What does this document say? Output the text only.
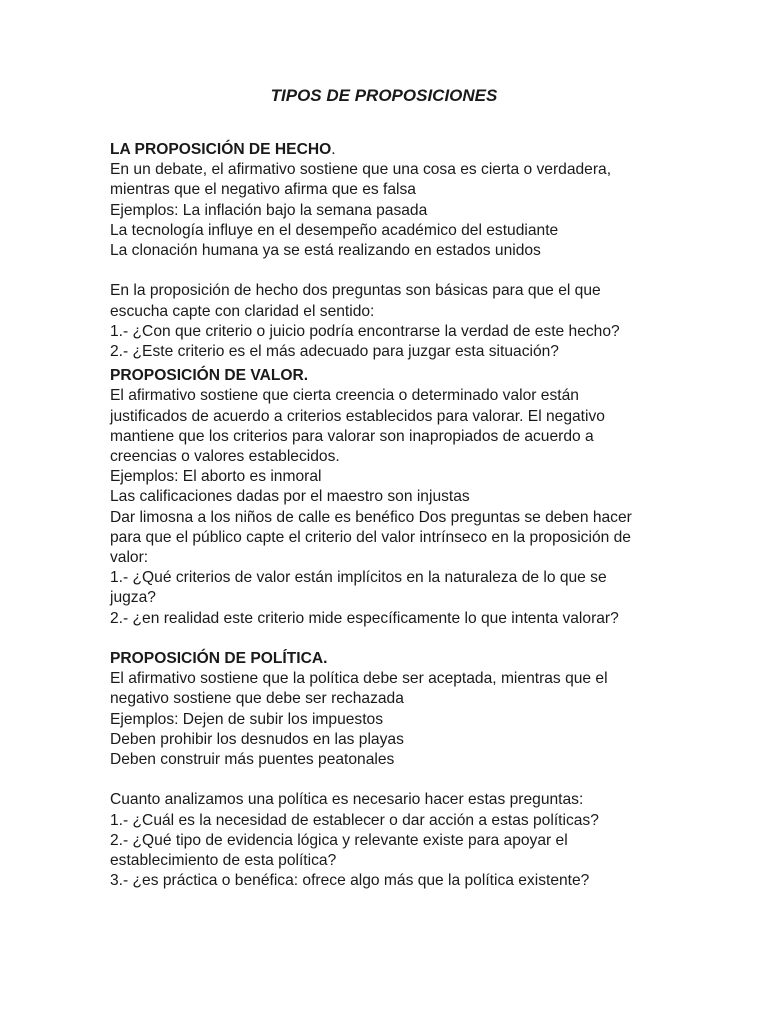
TIPOS DE PROPOSICIONES

LA PROPOSICIÓN DE HECHO.

En un debate, el afirmativo sostiene que una cosa es cierta o verdadera,

mientras que el negativo afirma que es falsa

Ejemplos: La inflación bajo la semana pasada

La tecnología influye en el desempeño académico del estudiante

La clonación humana ya se está realizando en estados unidos

En la proposición de hecho dos preguntas son básicas para que el que

escucha capte con claridad el sentido:

1.- ¿Con que criterio o juicio podría encontrarse la verdad de este hecho?

2.- ¿Este criterio es el más adecuado para juzgar esta situación?

PROPOSICIÓN DE VALOR.

El afirmativo sostiene que cierta creencia o determinado valor están

justificados de acuerdo a criterios establecidos para valorar. El negativo

mantiene que los criterios para valorar son inapropiados de acuerdo a

creencias o valores establecidos.

Ejemplos: El aborto es inmoral

Las calificaciones dadas por el maestro son injustas

Dar limosna a los niños de calle es benéfico Dos preguntas se deben hacer

para que el público capte el criterio del valor intrínseco en la proposición de

valor:

1.- ¿Qué criterios de valor están implícitos en la naturaleza de lo que se

jugza?

2.- ¿en realidad este criterio mide específicamente lo que intenta valorar?

PROPOSICIÓN DE POLÍTICA.

El afirmativo sostiene que la política debe ser aceptada, mientras que el

negativo sostiene que debe ser rechazada

Ejemplos: Dejen de subir los impuestos

Deben prohibir los desnudos en las playas

Deben construir más puentes peatonales

Cuanto analizamos una política es necesario hacer estas preguntas:

1.- ¿Cuál es la necesidad de establecer o dar acción a estas políticas?

2.- ¿Qué tipo de evidencia lógica y relevante existe para apoyar el

establecimiento de esta política?

3.- ¿es práctica o benéfica: ofrece algo más que la política existente?
